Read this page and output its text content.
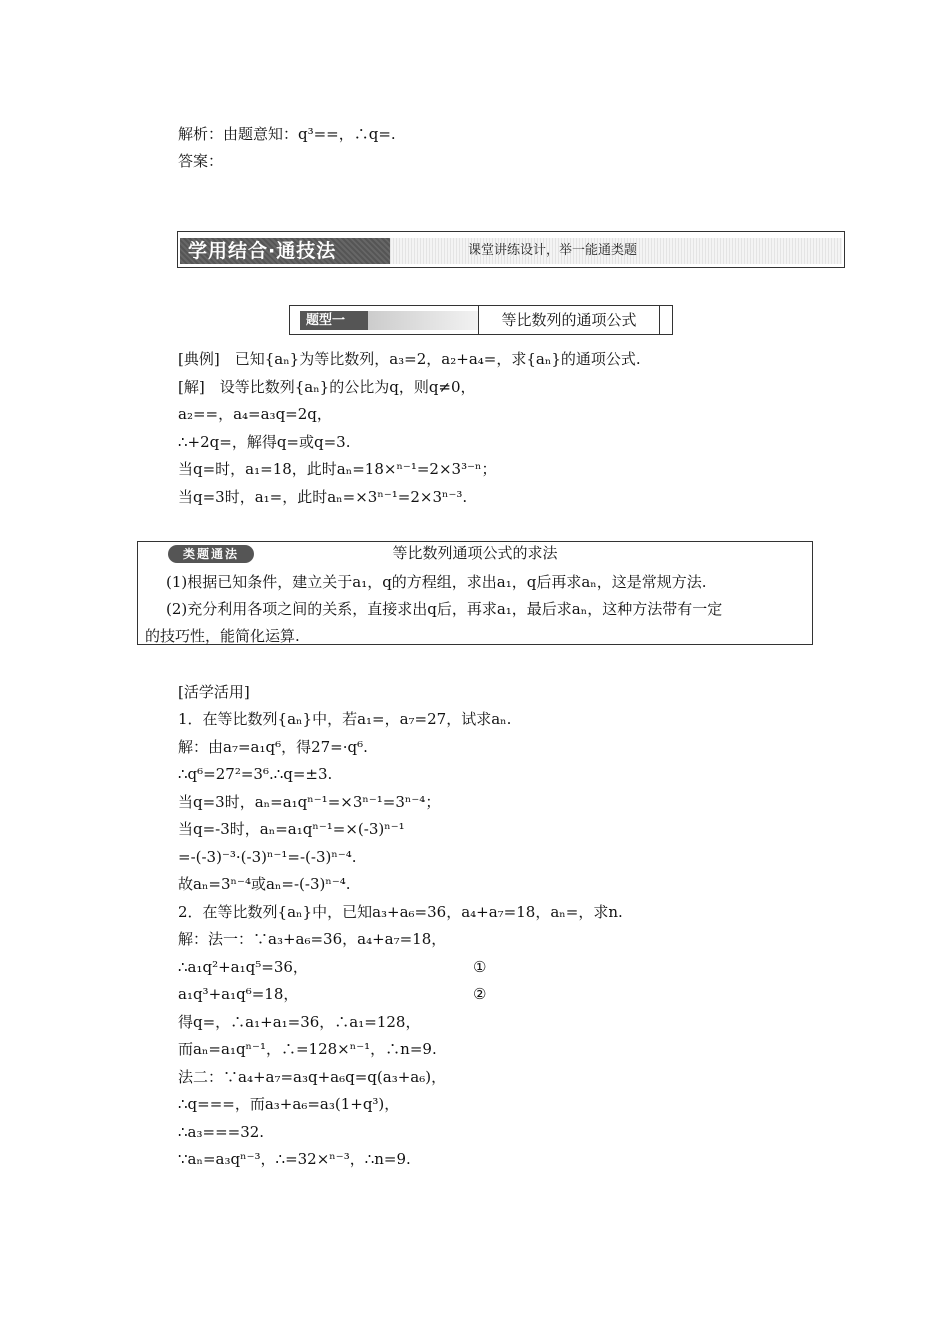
解析：由题意知：q³==，∴q=.
答案：
学用结合·通技法	课堂讲练设计，举一能通类题
题型一	等比数列的通项公式
[典例]　已知{aₙ}为等比数列，a₃=2，a₂+a₄=，求{aₙ}的通项公式.
[解]　设等比数列{aₙ}的公比为q，则q≠0，
a₂==，a₄=a₃q=2q，
∴+2q=，解得q=或q=3.
当q=时，a₁=18，此时aₙ=18×ⁿ⁻¹=2×3³⁻ⁿ；
当q=3时，a₁=，此时aₙ=×3ⁿ⁻¹=2×3ⁿ⁻³.
类题通法	等比数列通项公式的求法
(1)根据已知条件，建立关于a₁，q的方程组，求出a₁，q后再求aₙ，这是常规方法.
(2)充分利用各项之间的关系，直接求出q后，再求a₁，最后求aₙ，这种方法带有一定
的技巧性，能简化运算.
[活学活用]
1．在等比数列{aₙ}中，若a₁=，a₇=27，试求aₙ.
解：由a₇=a₁q⁶，得27=·q⁶.
∴q⁶=27²=3⁶.∴q=±3.
当q=3时，aₙ=a₁qⁿ⁻¹=×3ⁿ⁻¹=3ⁿ⁻⁴；
当q=-3时，aₙ=a₁qⁿ⁻¹=×(-3)ⁿ⁻¹
=-(-3)⁻³·(-3)ⁿ⁻¹=-(-3)ⁿ⁻⁴.
故aₙ=3ⁿ⁻⁴或aₙ=-(-3)ⁿ⁻⁴.
2．在等比数列{aₙ}中，已知a₃+a₆=36，a₄+a₇=18，aₙ=，求n.
解：法一：∵a₃+a₆=36，a₄+a₇=18，
∴a₁q²+a₁q⁵=36，	①
a₁q³+a₁q⁶=18，	②
得q=，∴a₁+a₁=36，∴a₁=128，
而aₙ=a₁qⁿ⁻¹，∴=128×ⁿ⁻¹，∴n=9.
法二：∵a₄+a₇=a₃q+a₆q=q(a₃+a₆)，
∴q===，而a₃+a₆=a₃(1+q³)，
∴a₃===32.
∵aₙ=a₃qⁿ⁻³，∴=32×ⁿ⁻³，∴n=9.
